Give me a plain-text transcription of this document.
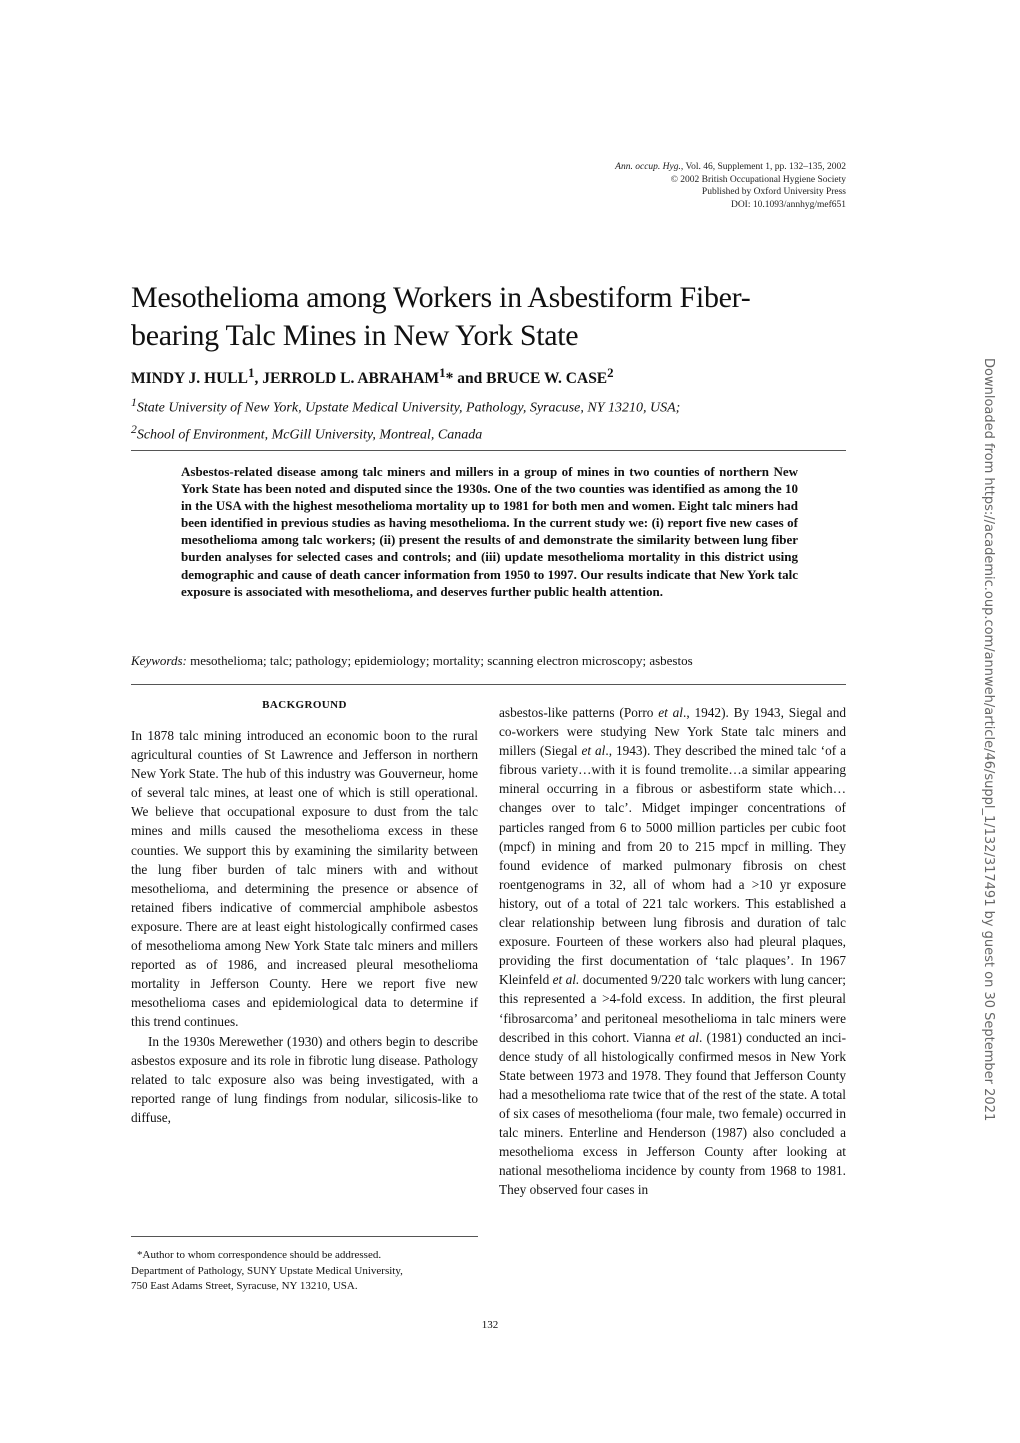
Ann. occup. Hyg., Vol. 46, Supplement 1, pp. 132–135, 2002
© 2002 British Occupational Hygiene Society
Published by Oxford University Press
DOI: 10.1093/annhyg/mef651
Mesothelioma among Workers in Asbestiform Fiber-
bearing Talc Mines in New York State

MINDY J. HULL$^1$, JERROLD L. ABRAHAM$^1$* and BRUCE W. CASE$^2$

$^1$State University of New York, Upstate Medical University, Pathology, Syracuse, NY 13210, USA;
$^2$School of Environment, McGill University, Montreal, Canada

Asbestos-related disease among talc miners and millers in a group of mines in two counties of northern New York State has been noted and disputed since the 1930s. One of the two counties was identified as among the 10 in the USA with the highest mesothelioma mortality up to 1981 for both men and women. Eight talc miners had been identified in previous studies as having mesothelioma. In the current study we: (i) report five new cases of mesothelioma among talc workers; (ii) present the results of and demonstrate the similarity between lung fiber burden analyses for selected cases and controls; and (iii) update mesothelioma mortality in this district using demographic and cause of death cancer information from 1950 to 1997. Our results indicate that New York talc exposure is associated with mesothelioma, and deserves further public health attention.

Keywords: mesothelioma; talc; pathology; epidemiology; mortality; scanning electron microscopy; asbestos
BACKGROUND

In 1878 talc mining introduced an economic boon to the rural agricultural counties of St Lawrence and Jefferson in northern New York State. The hub of this industry was Gouverneur, home of several talc mines, at least one of which is still operational. We believe that occupational exposure to dust from the talc mines and mills caused the mesothelioma excess in these counties. We support this by examining the similarity between the lung fiber burden of talc miners with and without mesothelioma, and determining the presence or absence of retained fibers indicative of commercial amphibole asbestos exposure. There are at least eight histologically confirmed cases of mesothelioma among New York State talc miners and millers reported as of 1986, and increased pleural mesothelioma mortality in Jefferson County. Here we report five new mesothelioma cases and epidemiological data to determine if this trend continues.

In the 1930s Merewether (1930) and others begin to describe asbestos exposure and its role in fibrotic lung disease. Pathology related to talc exposure also was being investigated, with a reported range of lung findings from nodular, silicosis-like to diffuse,

asbestos-like patterns (Porro et al., 1942). By 1943, Siegal and co-workers were studying New York State talc miners and millers (Siegal et al., 1943). They described the mined talc ‘of a fibrous variety…with it is found tremolite…a similar appearing mineral occurring in a fibrous or asbestiform state which… changes over to talc’. Midget impinger concentrations of particles ranged from 6 to 5000 million particles per cubic foot (mpcf) in mining and from 20 to 215 mpcf in milling. They found evidence of marked pulmonary fibrosis on chest roentgenograms in 32, all of whom had a >10 yr exposure history, out of a total of 221 talc workers. This established a clear relationship between lung fibrosis and duration of talc exposure. Fourteen of these workers also had pleural plaques, providing the first documentation of ‘talc plaques’. In 1967 Kleinfeld et al. documented 9/220 talc workers with lung cancer; this represented a >4-fold excess. In addition, the first pleural ‘fibrosarcoma’ and peritoneal mesothelioma in talc miners were described in this cohort. Vianna et al. (1981) conducted an incidence study of all histologically confirmed mesos in New York State between 1973 and 1978. They found that Jefferson County had a mesothelioma rate twice that of the rest of the state. A total of six cases of mesothelioma (four male, two female) occurred in talc miners. Enterline and Henderson (1987) also concluded a mesothelioma excess in Jefferson County after looking at national mesothelioma incidence by county from 1968 to 1981. They observed four cases in

*Author to whom correspondence should be addressed.
Department of Pathology, SUNY Upstate Medical University,
750 East Adams Street, Syracuse, NY 13210, USA.
132
Downloaded from https://academic.oup.com/annweh/article/46/suppl_1/132/317491 by guest on 30 September 2021
